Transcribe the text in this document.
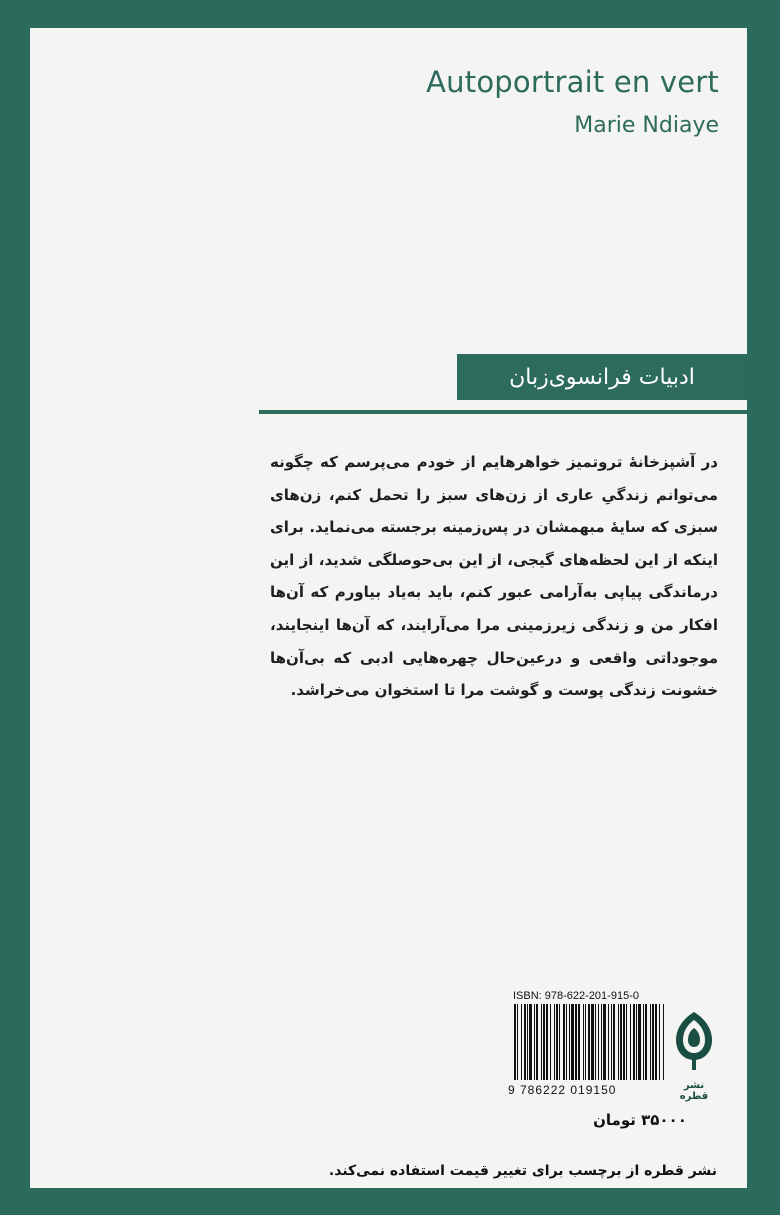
Autoportrait en vert
Marie Ndiaye
ادبیات فرانسوی‌زبان
در آشپزخانهٔ تروتمیز خواهرهایم از خودم می‌پرسم که چگونه می‌توانم زندگیِ عاری از زن‌های سبز را تحمل کنم، زن‌های سبزی که سایهٔ مبهمشان در پس‌زمینه برجسته می‌نماید. برای اینکه از این لحظه‌های گیجی، از این بی‌حوصلگی شدید، از این درماندگی پیاپی به‌آرامی عبور کنم، باید به‌یاد بیاورم که آن‌ها افکار من و زندگی زیرزمینی مرا می‌آرایند، که آن‌ها اینجایند، موجوداتی واقعی و درعین‌حال چهره‌هایی ادبی که بی‌آن‌ها خشونت زندگی پوست و گوشت مرا تا استخوان می‌خراشد.
ISBN: 978-622-201-915-0
9 786222 019150	نشر قطره
۳۵۰۰۰ تومان
نشر قطره از برچسب برای تغییر قیمت استفاده نمی‌کند.
